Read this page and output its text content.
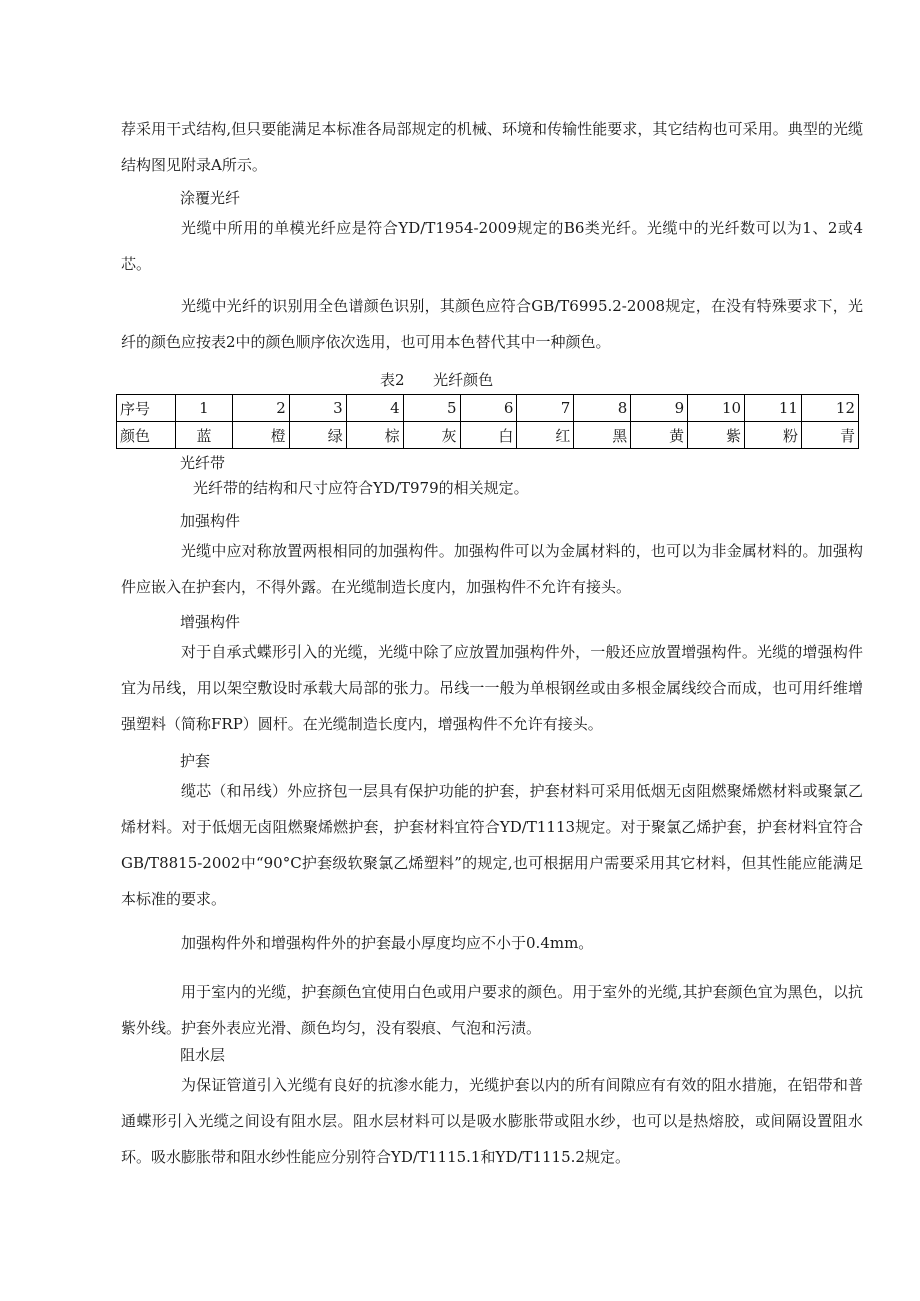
荐采用干式结构,但只要能满足本标准各局部规定的机械、环境和传输性能要求，其它结构也可采用。典型的光缆结构图见附录A所示。

涂覆光纤

光缆中所用的单模光纤应是符合YD/T1954-2009规定的B6类光纤。光缆中的光纤数可以为1、2或4芯。

光缆中光纤的识别用全色谱颜色识别，其颜色应符合GB/T6995.2-2008规定，在没有特殊要求下，光纤的颜色应按表2中的颜色顺序依次选用，也可用本色替代其中一种颜色。

表2      光纤颜色

序号	1	2	3	4	5	6	7	8	9	10	11	12
颜色	蓝	橙	绿	棕	灰	白	红	黑	黄	紫	粉	青

光纤带

光纤带的结构和尺寸应符合YD/T979的相关规定。

加强构件

光缆中应对称放置两根相同的加强构件。加强构件可以为金属材料的，也可以为非金属材料的。加强构件应嵌入在护套内，不得外露。在光缆制造长度内，加强构件不允许有接头。

增强构件

对于自承式蝶形引入的光缆，光缆中除了应放置加强构件外，一般还应放置增强构件。光缆的增强构件宜为吊线，用以架空敷设时承载大局部的张力。吊线一一般为单根钢丝或由多根金属线绞合而成，也可用纤维增强塑料（简称FRP）圆杆。在光缆制造长度内，增强构件不允许有接头。

护套

缆芯（和吊线）外应挤包一层具有保护功能的护套，护套材料可采用低烟无卤阻燃聚烯燃材料或聚氯乙烯材料。对于低烟无卤阻燃聚烯燃护套，护套材料宜符合YD/T1113规定。对于聚氯乙烯护套，护套材料宜符合GB/T8815-2002中“90°C护套级软聚氯乙烯塑料”的规定,也可根据用户需要采用其它材料，但其性能应能满足本标准的要求。

加强构件外和增强构件外的护套最小厚度均应不小于0.4mm。

用于室内的光缆，护套颜色宜使用白色或用户要求的颜色。用于室外的光缆,其护套颜色宜为黑色，以抗紫外线。护套外表应光滑、颜色均匀，没有裂痕、气泡和污渍。

阻水层

为保证管道引入光缆有良好的抗渗水能力，光缆护套以内的所有间隙应有有效的阻水措施，在铝带和普通蝶形引入光缆之间设有阻水层。阻水层材料可以是吸水膨胀带或阻水纱，也可以是热熔胶，或间隔设置阻水环。吸水膨胀带和阻水纱性能应分别符合YD/T1115.1和YD/T1115.2规定。
